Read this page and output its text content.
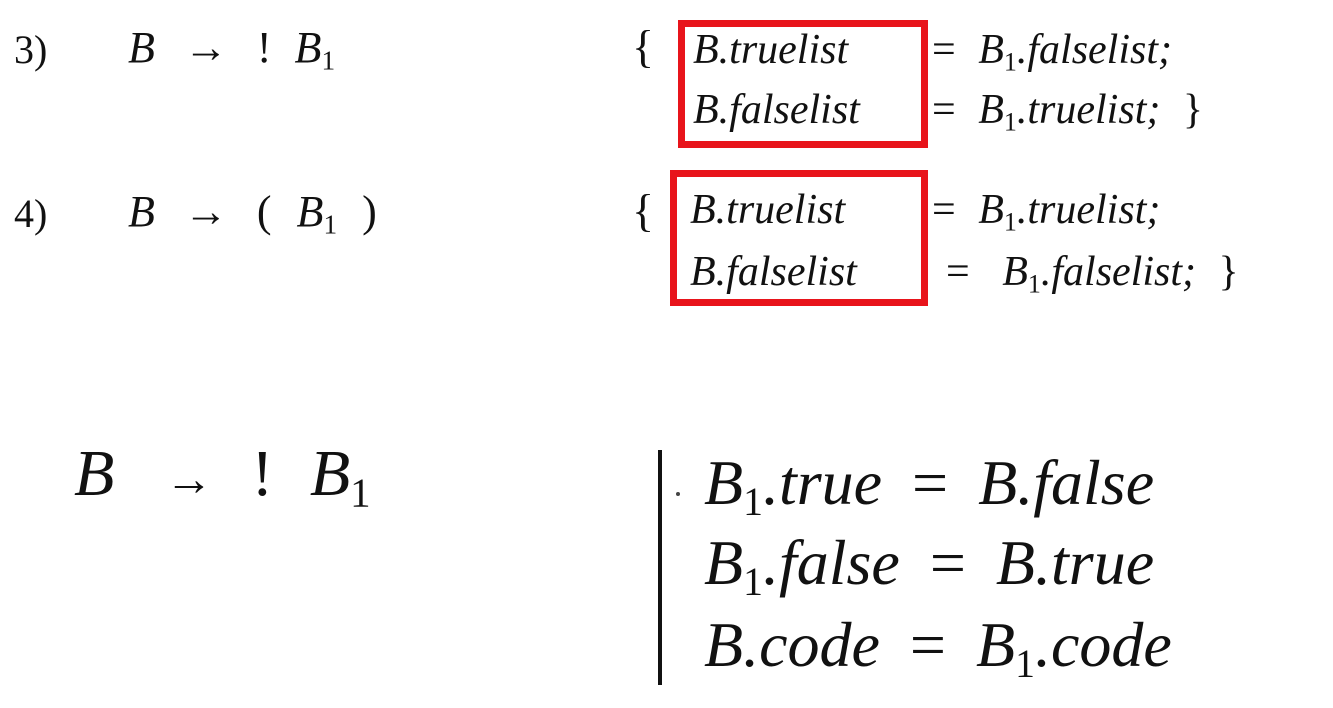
3) B → ! $B_1$	{ B.truelist = $B_1.falselist$;
B.falselist = $B_1.truelist$; }
4) B → ( $B_1$ )	{ B.truelist = $B_1.truelist$;
B.falselist = $B_1.falselist$; }
B → ! $B_1$	$B_1.true$ = B.false
$B_1.false$ = B.true
B.code = $B_1.code$
